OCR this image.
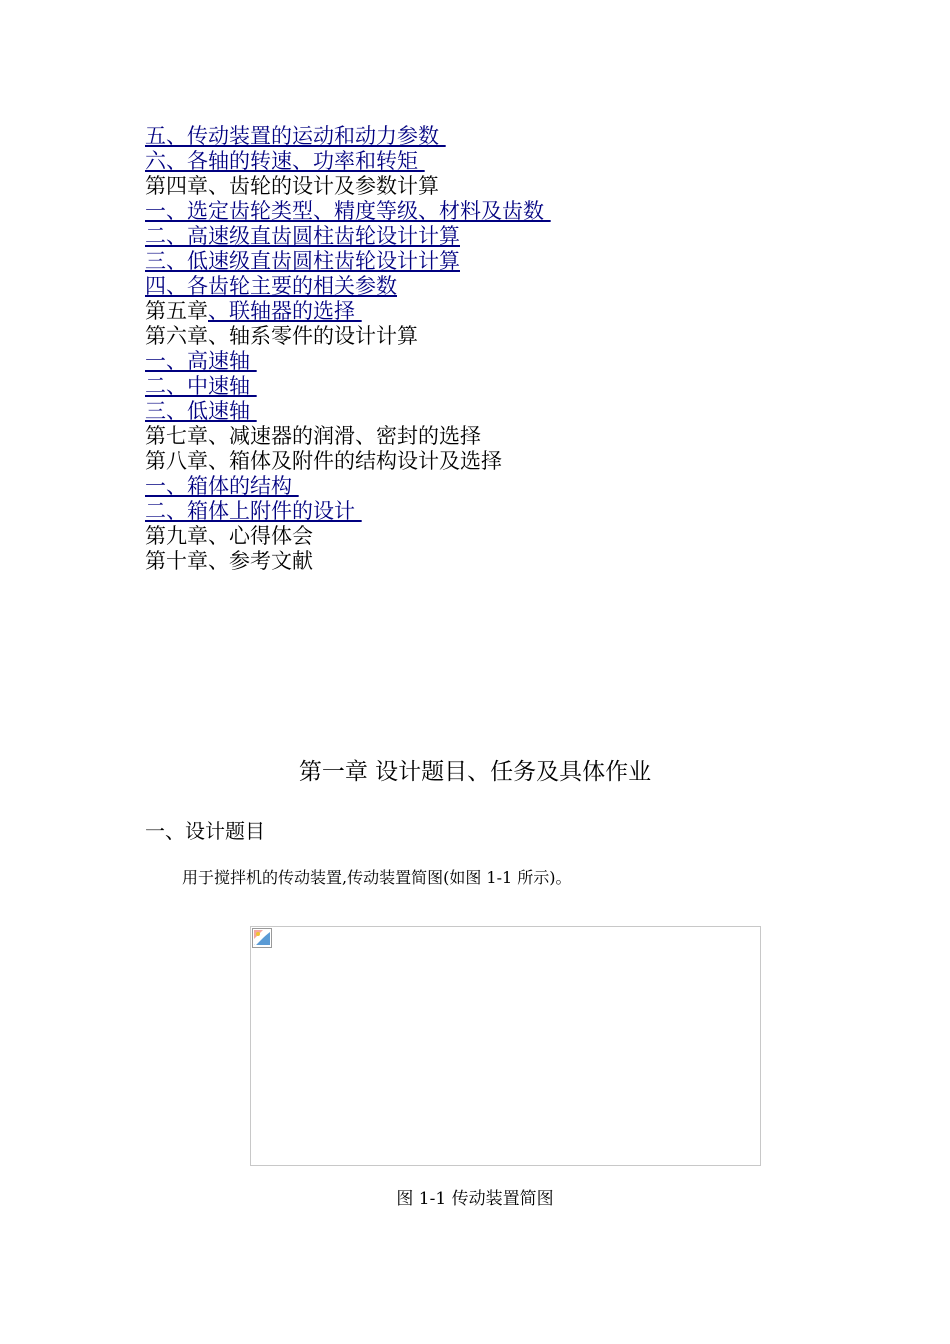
五、传动装置的运动和动力参数
六、各轴的转速、功率和转矩
第四章、齿轮的设计及参数计算
一、选定齿轮类型、精度等级、材料及齿数
二、高速级直齿圆柱齿轮设计计算
三、低速级直齿圆柱齿轮设计计算
四、各齿轮主要的相关参数
第五章、联轴器的选择
第六章、轴系零件的设计计算
一、高速轴
二、中速轴
三、低速轴
第七章、减速器的润滑、密封的选择
第八章、箱体及附件的结构设计及选择
一、箱体的结构
二、箱体上附件的设计
第九章、心得体会
第十章、参考文献
第一章 设计题目、任务及具体作业
一、设计题目
用于搅拌机的传动装置,传动装置简图(如图 1-1 所示)。
图 1-1 传动装置简图
